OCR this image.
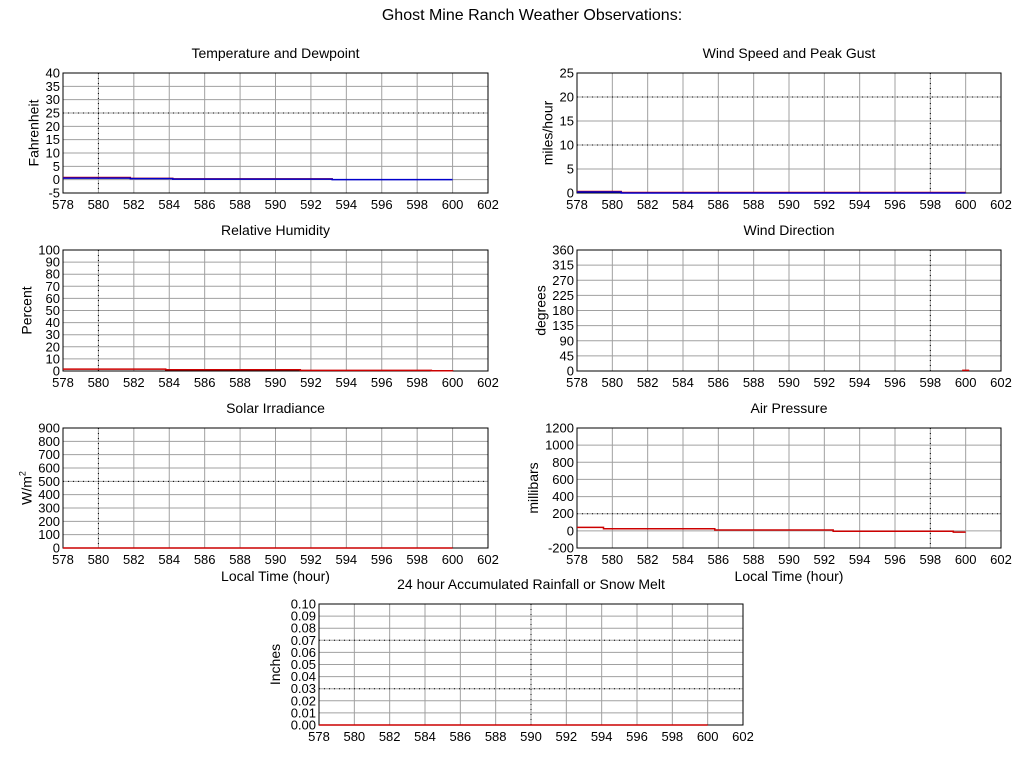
Ghost Mine Ranch Weather Observations:
578 580 582 584 586 588 590 592 594 596 598 600 602
-5
0
5
10
15
20
25
30
35
40
Temperature and Dewpoint
Fahrenheit
578 580 582 584 586 588 590 592 594 596 598 600 602
0
5
10
15
20
25
Wind Speed and Peak Gust
miles/hour
578 580 582 584 586 588 590 592 594 596 598 600 602
0
10
20
30
40
50
60
70
80
90
100
Relative Humidity
Percent
578 580 582 584 586 588 590 592 594 596 598 600 602
0
45
90
135
180
225
270
315
360
Wind Direction
degrees
578 580 582 584 586 588 590 592 594 596 598 600 602
0
100
200
300
400
500
600
700
800
900
Solar Irradiance
$W/m^2$
Local Time (hour)
578 580 582 584 586 588 590 592 594 596 598 600 602
-200
0
200
400
600
800
1000
1200
Air Pressure
millibars
Local Time (hour)
578 580 582 584 586 588 590 592 594 596 598 600 602
0.00
0.01
0.02
0.03
0.04
0.05
0.06
0.07
0.08
0.09
0.10
24 hour Accumulated Rainfall or Snow Melt
Inches
